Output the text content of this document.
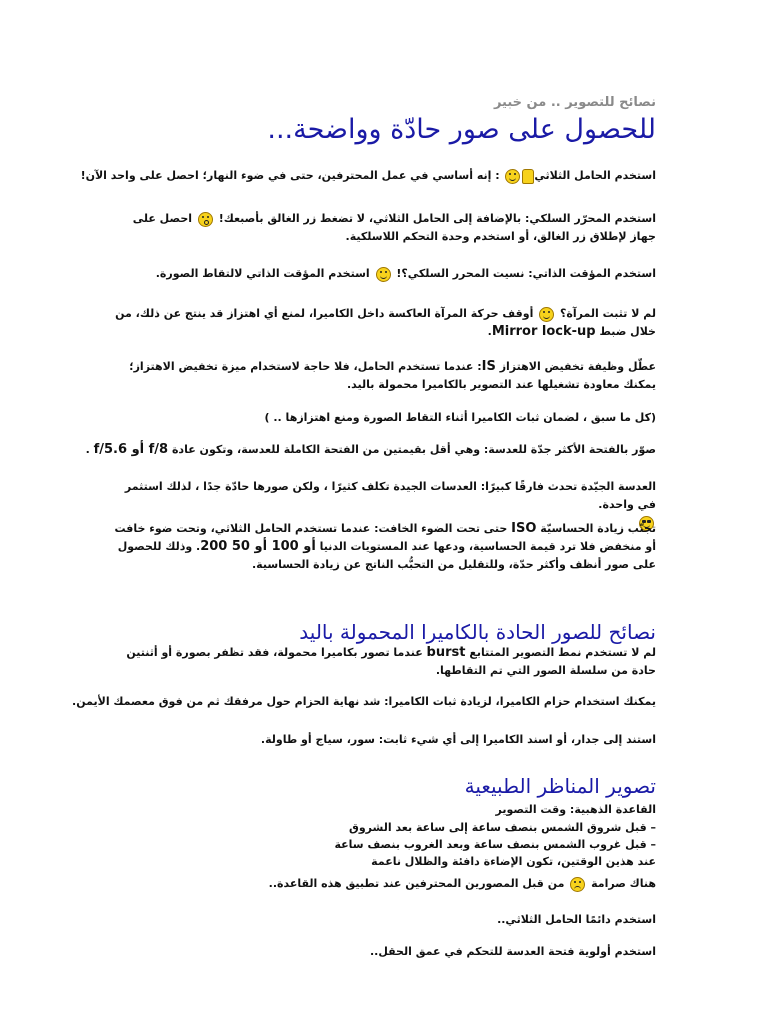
نصائح للتصوير .. من خبير
للحصول على صور حادّة وواضحة...
استخدم الحامل الثلاثي  : إنه أساسي في عمل المحترفين، حتى في ضوء النهار؛ احصل على واحد الآن!
استخدم المحرّر السلكي: بالإضافة إلى الحامل الثلاثي، لا تضغط زر الغالق بأصبعك!  احصل على جهاز لإطلاق زر الغالق، أو استخدم وحدة التحكم اللاسلكية.
استخدم المؤقت الذاتي: نسيت المحرر السلكي؟!  استخدم المؤقت الذاتي لالتقاط الصورة.
لم لا تثبت المرآة؟  أوقف حركة المرآة العاكسة داخل الكاميرا، لمنع أي اهتزاز قد ينتج عن ذلك، من خلال ضبط Mirror lock-up.
عطّل وظيفة تخفيض الاهتزاز IS: عندما تستخدم الحامل، فلا حاجة لاستخدام ميزة تخفيض الاهتزاز؛ يمكنك معاودة تشغيلها عند التصوير بالكاميرا محمولة باليد.
(كل ما سبق ، لضمان ثبات الكاميرا أثناء التقاط الصورة ومنع اهتزازها .. )
صوّر بالفتحة الأكثر جدّة للعدسة: وهي أقل بقيمتين من الفتحة الكاملة للعدسة، وتكون عادة f/5.6 أو f/8 .
العدسة الجيّدة تحدث فارقًا كبيرًا: العدسات الجيدة تكلف كثيرًا ، ولكن صورها حادّة جدًا ، لذلك استثمر في واحدة.

تجنّب زيادة الحساسيّة ISO حتى تحت الضوء الخافت: عندما تستخدم الحامل الثلاثي، وتحت ضوء خافت أو منخفض فلا ترد قيمة الحساسية، ودعها عند المستويات الدنيا 200 أو 100 أو 50. وذلك للحصول على صور أنظف وأكثر حدّة، وللتقليل من التحبُّب الناتج عن زيادة الحساسية.
نصائح للصور الحادة بالكاميرا المحمولة باليد
لم لا تستخدم نمط التصوير المتتابع burst عندما تصور بكاميرا محمولة، فقد تظفر بصورة أو أثنتين حادة من سلسلة الصور التي تم التقاطها.
يمكنك استخدام حزام الكاميرا، لزيادة ثبات الكاميرا: شد نهاية الحزام حول مرفقك ثم من فوق معصمك الأيمن.
استند إلى جدار، أو اسند الكاميرا إلى أي شيء ثابت: سور، سياج أو طاولة.
تصوير المناظر الطبيعية
القاعدة الذهبية: وقت التصوير
– قبل شروق الشمس بنصف ساعة إلى ساعة بعد الشروق
– قبل غروب الشمس بنصف ساعة وبعد الغروب بنصف ساعة
عند هذين الوقتين، تكون الإضاءة دافئة والظلال ناعمة
هناك صرامة  من قبل المصورين المحترفين عند تطبيق هذه القاعدة..
استخدم دائمًا الحامل الثلاثي..
استخدم أولوية فتحة العدسة للتحكم في عمق الحقل..
